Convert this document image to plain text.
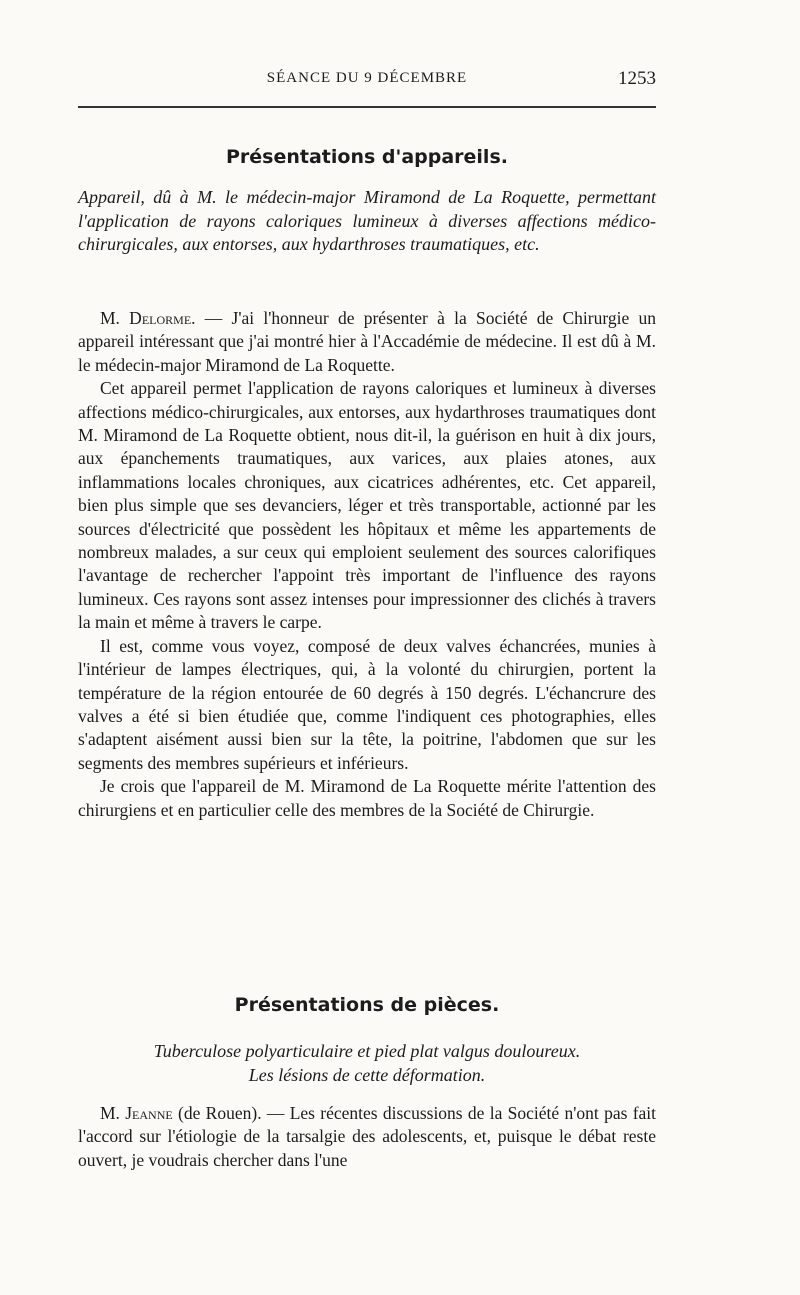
SÉANCE DU 9 DÉCEMBRE	1253
Présentations d'appareils.
Appareil, dû à M. le médecin-major Miramond de La Roquette, permettant l'application de rayons caloriques lumineux à diverses affections médico-chirurgicales, aux entorses, aux hydarthroses traumatiques, etc.

M. Delorme. — J'ai l'honneur de présenter à la Société de Chirurgie un appareil intéressant que j'ai montré hier à l'Accadémie de médecine. Il est dû à M. le médecin-major Miramond de La Roquette.

Cet appareil permet l'application de rayons caloriques et lumineux à diverses affections médico-chirurgicales, aux entorses, aux hydarthroses traumatiques dont M. Miramond de La Roquette obtient, nous dit-il, la guérison en huit à dix jours, aux épanchements traumatiques, aux varices, aux plaies atones, aux inflammations locales chroniques, aux cicatrices adhérentes, etc. Cet appareil, bien plus simple que ses devanciers, léger et très transportable, actionné par les sources d'électricité que possèdent les hôpitaux et même les appartements de nombreux malades, a sur ceux qui emploient seulement des sources calorifiques l'avantage de rechercher l'appoint très important de l'influence des rayons lumineux. Ces rayons sont assez intenses pour impressionner des clichés à travers la main et même à travers le carpe.

Il est, comme vous voyez, composé de deux valves échancrées, munies à l'intérieur de lampes électriques, qui, à la volonté du chirurgien, portent la température de la région entourée de 60 degrés à 150 degrés. L'échancrure des valves a été si bien étudiée que, comme l'indiquent ces photographies, elles s'adaptent aisément aussi bien sur la tête, la poitrine, l'abdomen que sur les segments des membres supérieurs et inférieurs.

Je crois que l'appareil de M. Miramond de La Roquette mérite l'attention des chirurgiens et en particulier celle des membres de la Société de Chirurgie.

Présentations de pièces.
Tuberculose polyarticulaire et pied plat valgus douloureux.
Les lésions de cette déformation.

M. Jeanne (de Rouen). — Les récentes discussions de la Société n'ont pas fait l'accord sur l'étiologie de la tarsalgie des adolescents, et, puisque le débat reste ouvert, je voudrais chercher dans l'une
